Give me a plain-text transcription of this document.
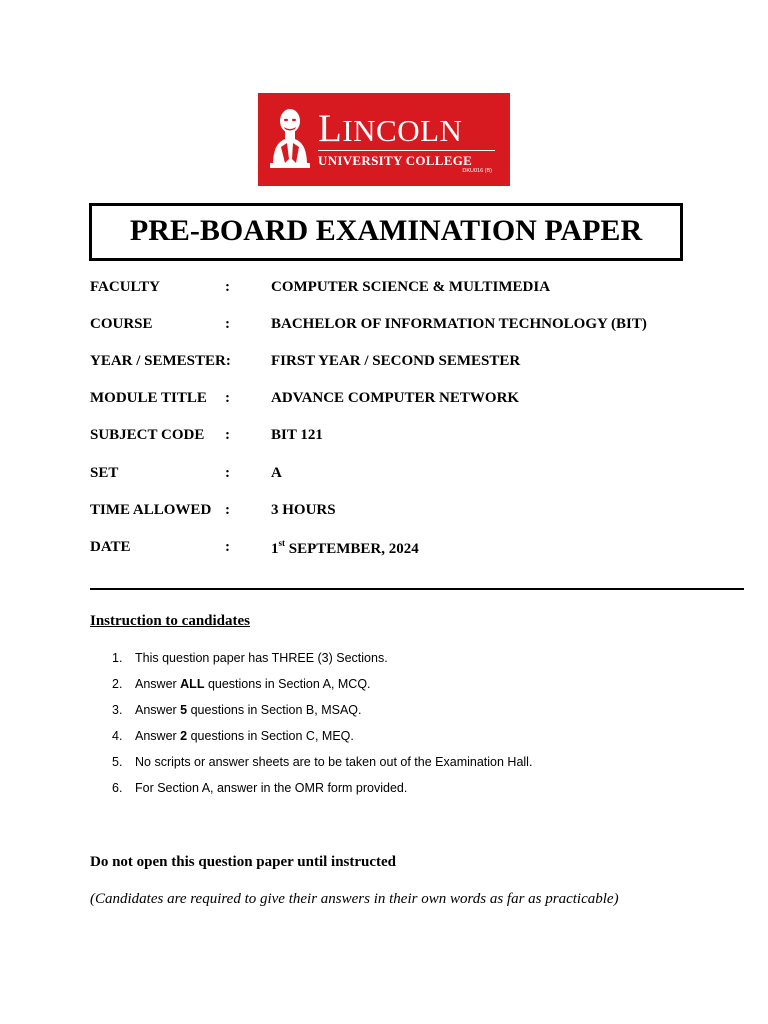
LINCOLN
UNIVERSITY COLLEGE
DKU016 (B)
PRE-BOARD EXAMINATION PAPER
FACULTY	:	COMPUTER SCIENCE & MULTIMEDIA
COURSE	:	BACHELOR OF INFORMATION TECHNOLOGY (BIT)
YEAR / SEMESTER:	FIRST YEAR / SECOND SEMESTER
MODULE TITLE :	ADVANCE COMPUTER NETWORK
SUBJECT CODE :	BIT 121
SET	:	A
TIME ALLOWED :	3 HOURS
DATE	:	1st SEPTEMBER, 2024
Instruction to candidates
1. This question paper has THREE (3) Sections.
2. Answer ALL questions in Section A, MCQ.
3. Answer 5 questions in Section B, MSAQ.
4. Answer 2 questions in Section C, MEQ.
5. No scripts or answer sheets are to be taken out of the Examination Hall.
6. For Section A, answer in the OMR form provided.
Do not open this question paper until instructed
(Candidates are required to give their answers in their own words as far as practicable)
